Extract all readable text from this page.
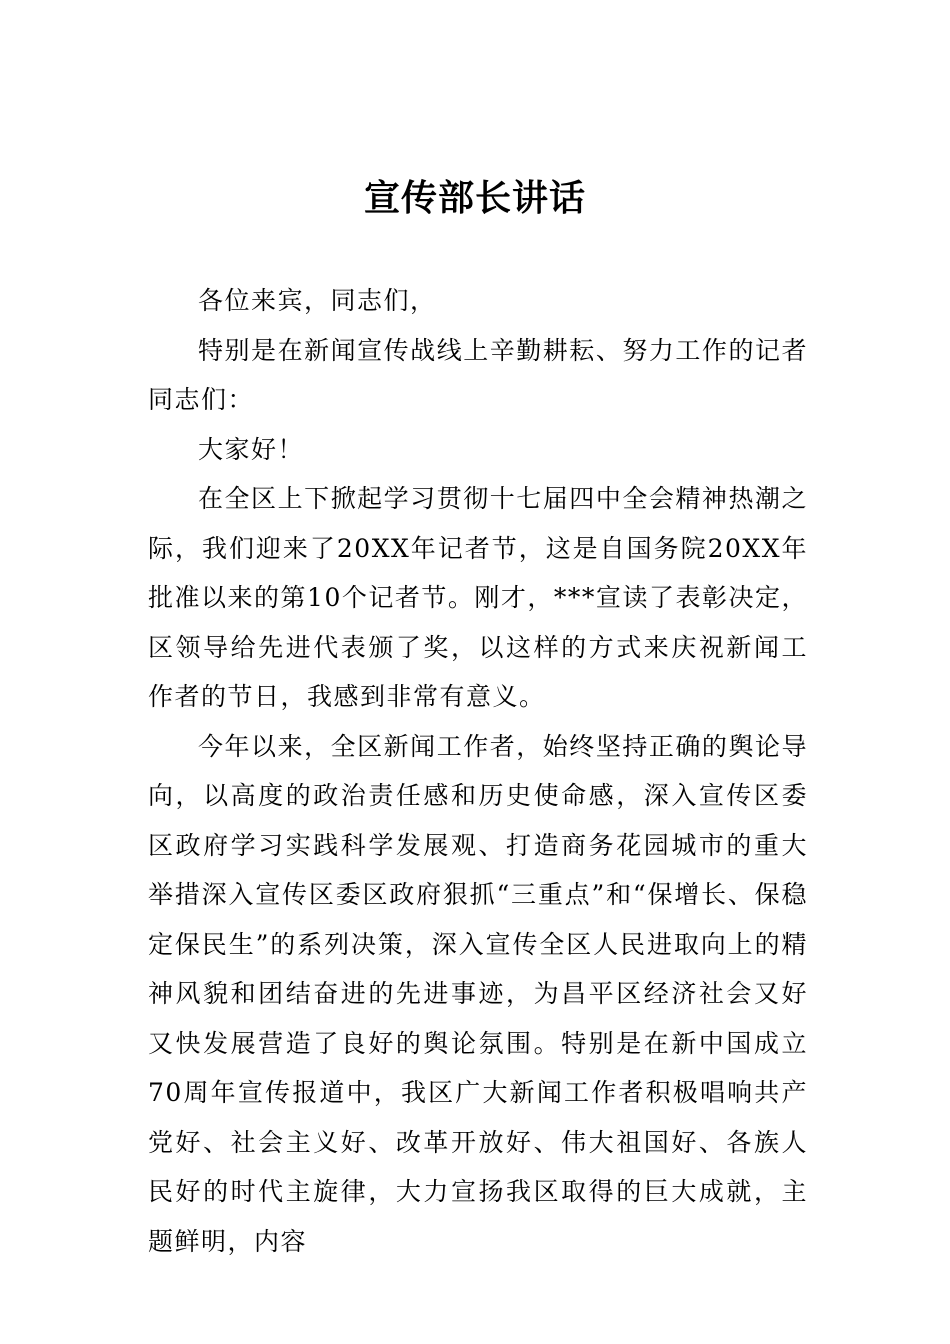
宣传部长讲话

各位来宾，同志们，

特别是在新闻宣传战线上辛勤耕耘、努力工作的记者同志们：

大家好！

在全区上下掀起学习贯彻十七届四中全会精神热潮之际，我们迎来了20XX年记者节，这是自国务院20XX年批准以来的第10个记者节。刚才，***宣读了表彰决定，区领导给先进代表颁了奖，以这样的方式来庆祝新闻工作者的节日，我感到非常有意义。

今年以来，全区新闻工作者，始终坚持正确的舆论导向，以高度的政治责任感和历史使命感，深入宣传区委区政府学习实践科学发展观、打造商务花园城市的重大举措深入宣传区委区政府狠抓“三重点”和“保增长、保稳定保民生”的系列决策，深入宣传全区人民进取向上的精神风貌和团结奋进的先进事迹，为昌平区经济社会又好又快发展营造了良好的舆论氛围。特别是在新中国成立70周年宣传报道中，我区广大新闻工作者积极唱响共产党好、社会主义好、改革开放好、伟大祖国好、各族人民好的时代主旋律，大力宣扬我区取得的巨大成就，主题鲜明，内容
